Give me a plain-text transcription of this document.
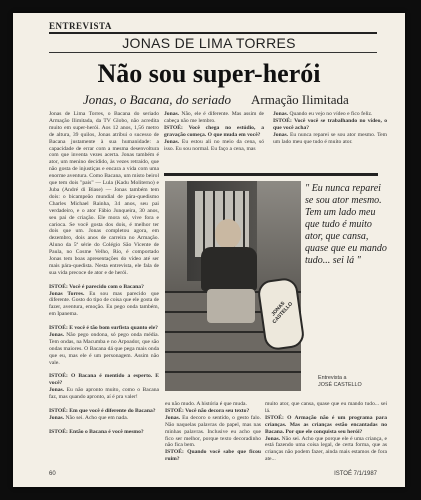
ENTREVISTA
JONAS DE LIMA TORRES
Não sou super-herói
Jonas, o Bacana, do seriado Armação Ilimitada
Jonas de Lima Torres, o Bacana do seriado Armação Ilimitada, da TV Globo, não acredita muito em super-herói. Aos 12 anos, 1,56 metro de altura, 39 quilos, Jonas atribui o sucesso de Bacana justamente à sua humanidade: a capacidade de errar com a mesma desenvoltura com que inventa vezes acerta. Jonas também é ator, um menino decidido, às vezes retraído, que não gosta de injustiças e encara a vida com uma enorme aventura. Como Bacana, um misto beirol que tem dois "pais" — Lula (Kadu Moliterno) e Juba (André di Biase) — Jonas também tem dois: o bicampeão mundial de pára-quedismo Charles Michael Rainha, 34 anos, seu pai verdadeiro, e o ator Fábio Junqueira, 30 anos, seu pai de criação. Ele mora só, vive fora e carioca. Se você gosta dos dois, é melhor ter dois que um. Jonas completou agora, em dezembro, dois anos de carreira no Armação. Aluno da 5ª série do Colégio São Vicente de Paula, no Cosme Velho, Rio, é comportado Jonas tem boas apresentações do vídeo até ser mais pára-quedista. Nesta entrevista, ele fala de sua vida precoce de ator e de herói.

ISTOÉ: Você é parecido com o Bacana?
Jonas Torres. Eu sou mas parecido que diferente. Gosto do tipo de coisa que ele gosta de fazer, aventura, emoção. Eu pego onda também, em Ipanema.

ISTOÉ: E você é tão bom surfista quanto ele?
Jonas. Não pego ondona, só pego onda média. Tem ondas, na Macumba e no Arpoador, que são ondas maiores. O Bacana dá que pega mais onda que eu, mas ele é um personagem. Assim não vale.

ISTOÉ: O Bacana é mentido a esperto. E você?
Jonas. Eu não apronto muito, como o Bacana faz, mas quando apronto, aí é pra valer!

ISTOÉ: Em que você é diferente do Bacana?
Jonas. Não sei. Acho que em nada.

ISTOÉ: Então o Bacana é você mesmo?
Jonas. Não, ele é diferente. Mas assim de cabeça não me lembro.
ISTOÉ: Você chega no estúdio, a gravação começa. O que muda em você?
Jonas. Eu estou ali no meio da cena, só isso. Eu sou normal. Eu faço a cena, mas
Jonas. Quando eu vejo no vídeo e fico feliz.
ISTOÉ: Você você se trabalhando no vídeo, o que você acha?
Jonas. Eu nunca reparei se sou ator mesmo. Tem um lado meu que tudo é muito ator.
JONAS CASTELLO
" Eu nunca reparei se sou ator mesmo. Tem um lado meu que tudo é muito ator, que cansa, quase que eu mando tudo... sei lá "
Entrevista a
JOSÉ CASTELLO
eu não mudo. A história é que muda.
ISTOÉ: Você não decora seu texto?
Jonas. Eu decoro o sentido, o gesto falo. Não naquelas palavras do papel, mas nas minhas palavras. Inclusive eu acho que fico ser melhor, porque texto decoradinho não fica bem.
ISTOÉ: Quando você sabe que ficou ruim?
muito ator, que cansa, quase que eu mando tudo... sei lá.
ISTOÉ: O Armação não é um programa para crianças. Mas as crianças estão encantadas no Bacana. Por que ele conquista seu herói?
Jonas. Não sei. Acho que porque ele é uma criança, e está fazendo uma coisa legal, de certa forma, que as crianças não podem fazer, ainda mais estamos de fora ate...
60	ISTOÉ 7/1/1987
